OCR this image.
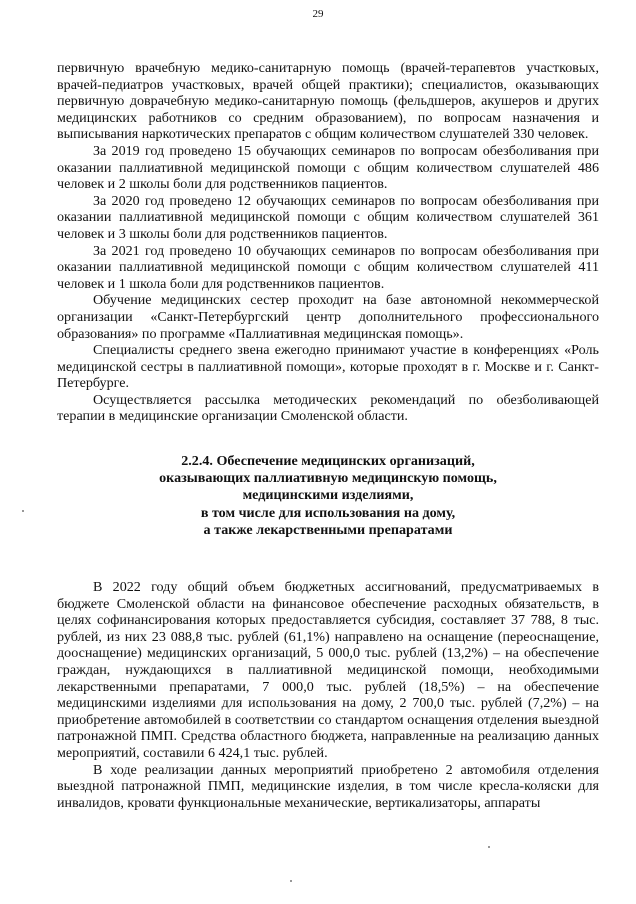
29

первичную врачебную медико-санитарную помощь (врачей-терапевтов участковых, врачей-педиатров участковых, врачей общей практики); специалистов, оказывающих первичную доврачебную медико-санитарную помощь (фельдшеров, акушеров и других медицинских работников со средним образованием), по вопросам назначения и выписывания наркотических препаратов с общим количеством слушателей 330 человек.

За 2019 год проведено 15 обучающих семинаров по вопросам обезболивания при оказании паллиативной медицинской помощи с общим количеством слушателей 486 человек и 2 школы боли для родственников пациентов.

За 2020 год проведено 12 обучающих семинаров по вопросам обезболивания при оказании паллиативной медицинской помощи с общим количеством слушателей 361 человек и 3 школы боли для родственников пациентов.

За 2021 год проведено 10 обучающих семинаров по вопросам обезболивания при оказании паллиативной медицинской помощи с общим количеством слушателей 411 человек и 1 школа боли для родственников пациентов.

Обучение медицинских сестер проходит на базе автономной некоммерческой организации «Санкт-Петербургский центр дополнительного профессионального образования» по программе «Паллиативная медицинская помощь».

Специалисты среднего звена ежегодно принимают участие в конференциях «Роль медицинской сестры в паллиативной помощи», которые проходят в г. Москве и г. Санкт-Петербурге.

Осуществляется рассылка методических рекомендаций по обезболивающей терапии в медицинские организации Смоленской области.

2.2.4. Обеспечение медицинских организаций,
оказывающих паллиативную медицинскую помощь,
медицинскими изделиями,
в том числе для использования на дому,
а также лекарственными препаратами

В 2022 году общий объем бюджетных ассигнований, предусматриваемых в бюджете Смоленской области на финансовое обеспечение расходных обязательств, в целях софинансирования которых предоставляется субсидия, составляет 37 788, 8 тыс. рублей, из них 23 088,8 тыс. рублей (61,1%) направлено на оснащение (переоснащение, дооснащение) медицинских организаций, 5 000,0 тыс. рублей (13,2%) – на обеспечение граждан, нуждающихся в паллиативной медицинской помощи, необходимыми лекарственными препаратами, 7 000,0 тыс. рублей (18,5%) – на обеспечение медицинскими изделиями для использования на дому, 2 700,0 тыс. рублей (7,2%) – на приобретение автомобилей в соответствии со стандартом оснащения отделения выездной патронажной ПМП. Средства областного бюджета, направленные на реализацию данных мероприятий, составили 6 424,1 тыс. рублей.

В ходе реализации данных мероприятий приобретено 2 автомобиля отделения выездной патронажной ПМП, медицинские изделия, в том числе кресла-коляски для инвалидов, кровати функциональные механические, вертикализаторы, аппараты
